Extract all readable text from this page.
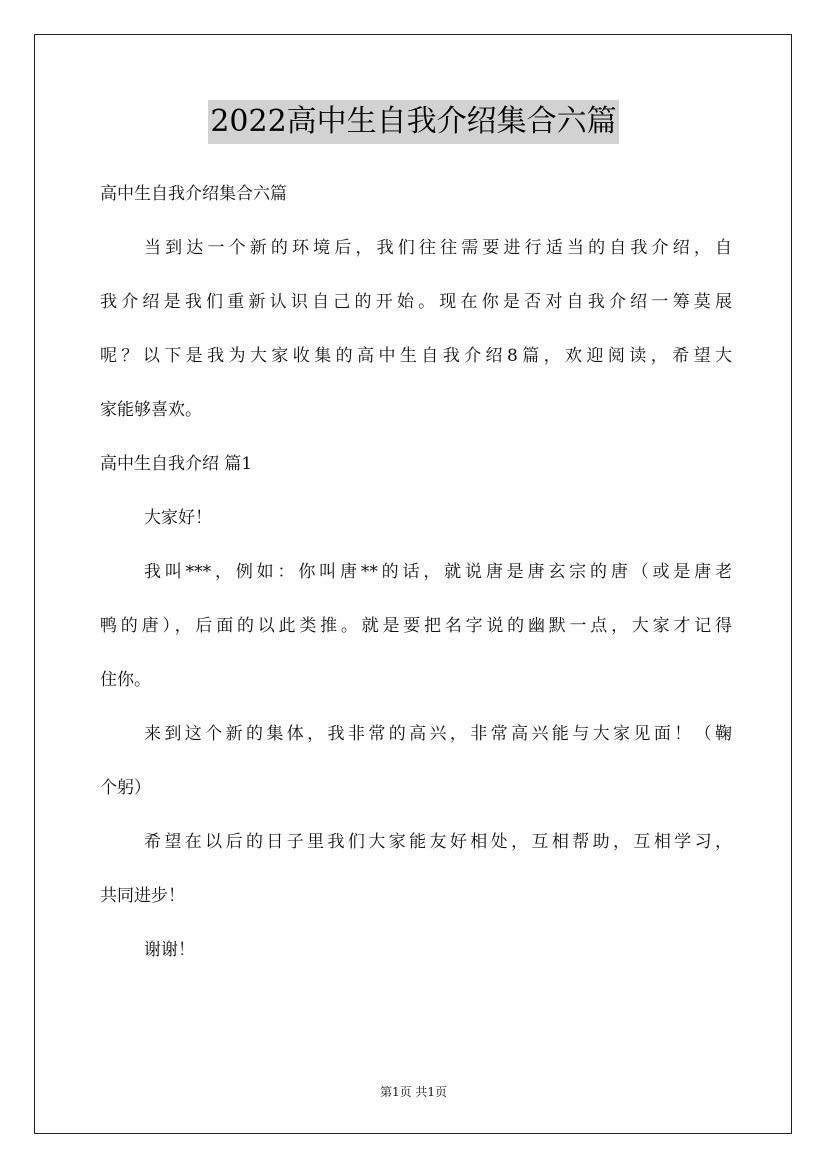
2022高中生自我介绍集合六篇
高中生自我介绍集合六篇
当到达一个新的环境后，我们往往需要进行适当的自我介绍，自
我介绍是我们重新认识自己的开始。现在你是否对自我介绍一筹莫展
呢？以下是我为大家收集的高中生自我介绍8篇，欢迎阅读，希望大
家能够喜欢。
高中生自我介绍 篇1
大家好！
我叫***，例如：你叫唐**的话，就说唐是唐玄宗的唐（或是唐老
鸭的唐），后面的以此类推。就是要把名字说的幽默一点，大家才记得
住你。
来到这个新的集体，我非常的高兴，非常高兴能与大家见面！（鞠
个躬）
希望在以后的日子里我们大家能友好相处，互相帮助，互相学习，
共同进步！
谢谢！
第1页 共1页
